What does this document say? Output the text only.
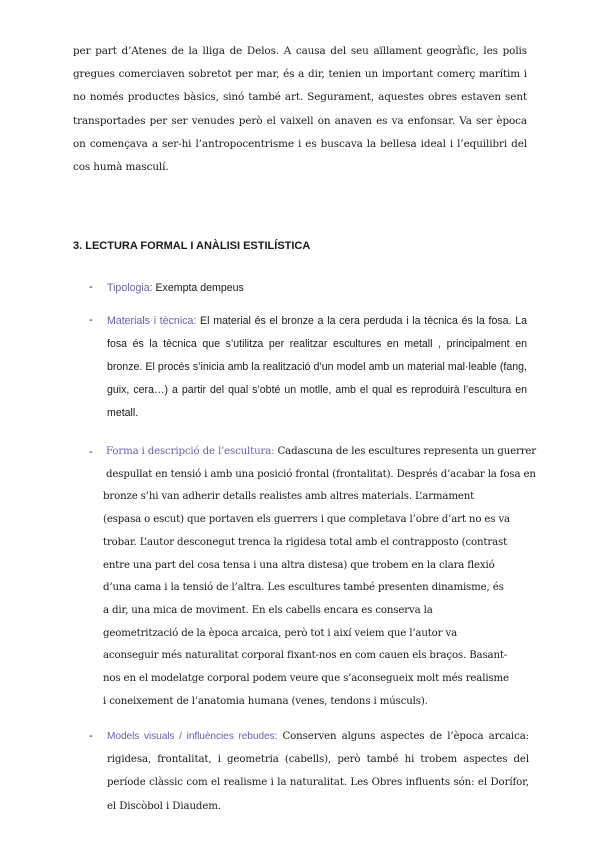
per part d’Atenes de la lliga de Delos. A causa del seu aïllament geogràfic, les polis gregues comerciaven sobretot per mar, és a dir, tenien un important comerç marítim i no només productes bàsics, sinó també art. Segurament, aquestes obres estaven sent transportades per ser venudes però el vaixell on anaven es va enfonsar. Va ser època on començava a ser-hi l’antropocentrisme i es buscava la bellesa ideal i l’equilibri del cos humà masculí.

3. LECTURA FORMAL I ANÀLISI ESTILÍSTICA
- Tipologia: Exempta dempeus
- Materials i tècnica: El material és el bronze a la cera perduda i la tècnica és la fosa. La fosa és la tècnica que s’utilitza per realitzar escultures en metall , principalment en bronze. El procés s’inicia amb la realització d’un model amb un material mal·leable (fang, guix, cera…) a partir del qual s’obté un motlle, amb el qual es reproduirà l’escultura en metall.
- Forma i descripció de l’escultura: Cadascuna de les escultures representa un guerrer
despullat en tensió i amb una posició frontal (frontalitat). Després d’acabar la fosa en
bronze s’hi van adherir detalls realistes amb altres materials. L’armament
(espasa o escut) que portaven els guerrers i que completava l’obre d’art no es va
trobar. L’autor desconegut trenca la rigidesa total amb el contrapposto (contrast
entre una part del cosa tensa i una altra distesa) que trobem en la clara flexió
d’una cama i la tensió de l’altra. Les escultures també presenten dinamisme, és
a dir, una mica de moviment. En els cabells encara es conserva la
geometrització de la època arcaica, però tot i així veiem que l’autor va
aconseguir més naturalitat corporal fixant-nos en com cauen els braços. Basant-
nos en el modelatge corporal podem veure que s’aconsegueix molt més realisme
i coneixement de l’anatomia humana (venes, tendons i músculs).
- Models visuals / influències rebudes: Conserven alguns aspectes de l’època arcaica: rigidesa, frontalitat, i geometria (cabells), però també hi trobem aspectes del període clàssic com el realisme i la naturalitat. Les Obres influents són: el Dorífor, el Discòbol i Diaudem.
